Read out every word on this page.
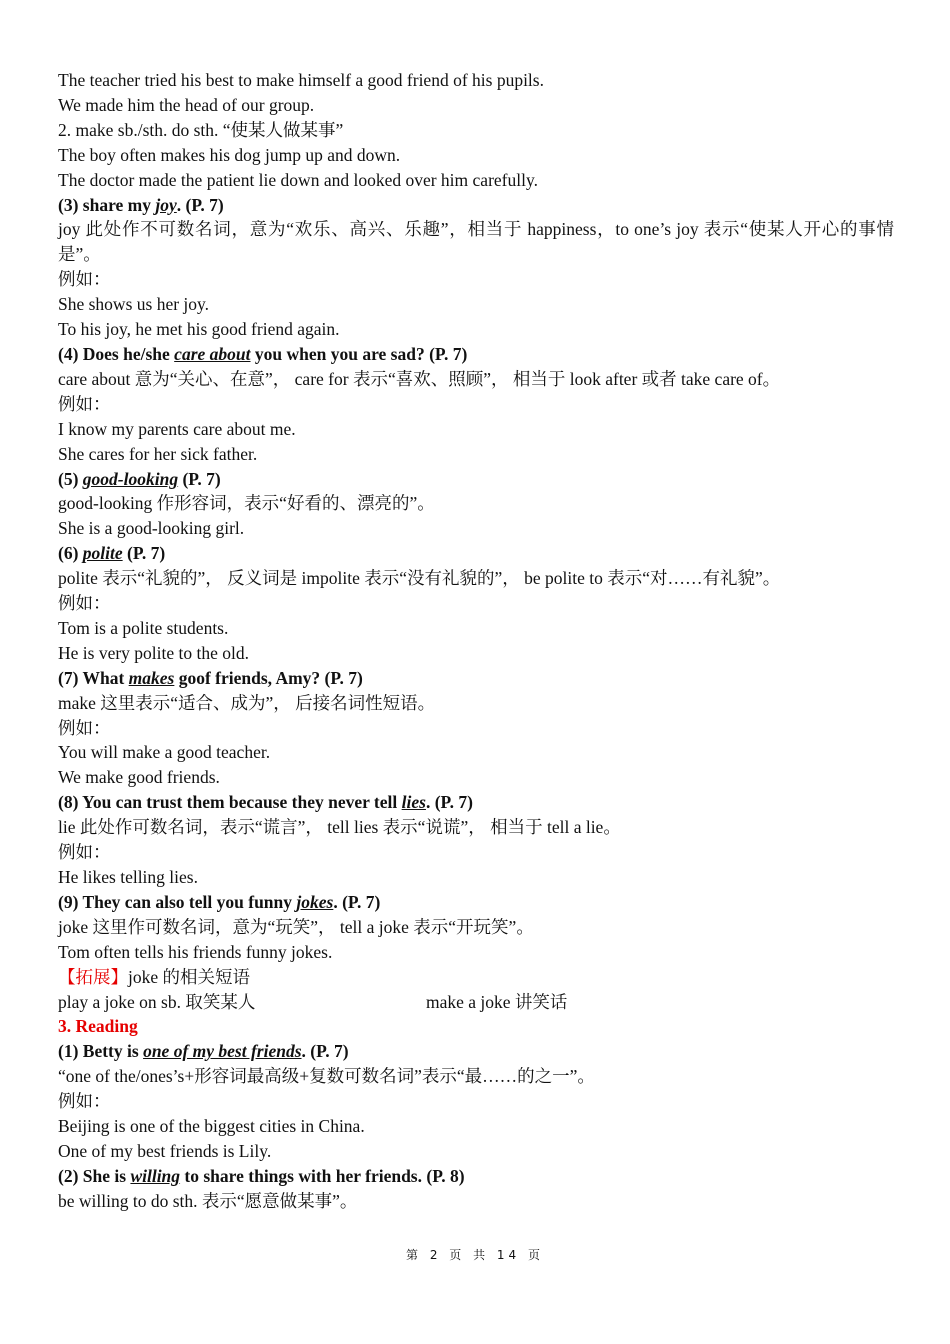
The teacher tried his best to make himself a good friend of his pupils.

We made him the head of our group.

2. make sb./sth. do sth. “使某人做某事”

The boy often makes his dog jump up and down.

The doctor made the patient lie down and looked over him carefully.

(3) share my joy. (P. 7)

joy 此处作不可数名词，意为“欢乐、高兴、乐趣”，相当于 happiness，to one’s joy 表示“使某人开心的事情是”。

例如：

She shows us her joy.

To his joy, he met his good friend again.

(4) Does he/she care about you when you are sad? (P. 7)

care about 意为“关心、在意”， care for 表示“喜欢、照顾”， 相当于 look after 或者 take care of。

例如：

I know my parents care about me.

She cares for her sick father.

(5) good-looking (P. 7)

good-looking 作形容词，表示“好看的、漂亮的”。

She is a good-looking girl.

(6) polite (P. 7)

polite 表示“礼貌的”， 反义词是 impolite 表示“没有礼貌的”， be polite to 表示“对……有礼貌”。

例如：

Tom is a polite students.

He is very polite to the old.

(7) What makes goof friends, Amy? (P. 7)

make 这里表示“适合、成为”， 后接名词性短语。

例如：

You will make a good teacher.

We make good friends.

(8) You can trust them because they never tell lies. (P. 7)

lie 此处作可数名词，表示“谎言”， tell lies 表示“说谎”， 相当于 tell a lie。

例如：

He likes telling lies.

(9) They can also tell you funny jokes. (P. 7)

joke 这里作可数名词，意为“玩笑”， tell a joke 表示“开玩笑”。

Tom often tells his friends funny jokes.

【拓展】joke 的相关短语

play a joke on sb. 取笑某人	make a joke 讲笑话

3. Reading

(1) Betty is one of my best friends. (P. 7)

“one of the/ones’s+形容词最高级+复数可数名词”表示“最……的之一”。

例如：

Beijing is one of the biggest cities in China.

One of my best friends is Lily.

(2) She is willing to share things with her friends. (P. 8)

be willing to do sth. 表示“愿意做某事”。

第 2 页 共 14 页
